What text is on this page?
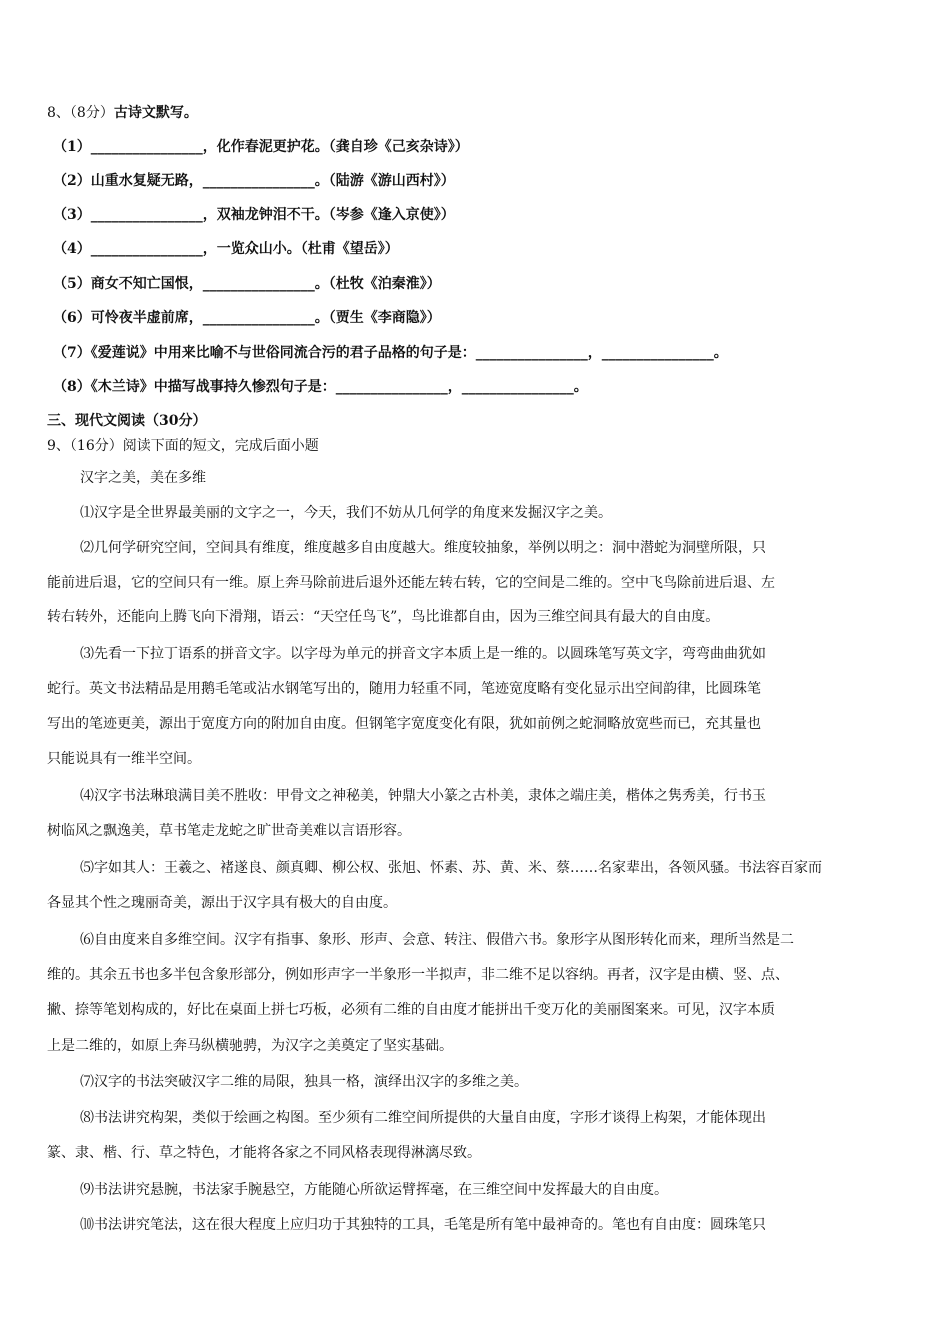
8、（8分）古诗文默写。
（1）________________，化作春泥更护花。（龚自珍《己亥杂诗》）
（2）山重水复疑无路，________________。（陆游《游山西村》）
（3）________________，双袖龙钟泪不干。（岑参《逢入京使》）
（4）________________，一览众山小。（杜甫《望岳》）
（5）商女不知亡国恨，________________。（杜牧《泊秦淮》）
（6）可怜夜半虚前席，________________。（贾生《李商隐》）
（7）《爱莲说》中用来比喻不与世俗同流合污的君子品格的句子是：________________，________________。
（8）《木兰诗》中描写战事持久惨烈句子是：________________，________________。
三、现代文阅读（30分）
9、（16分）阅读下面的短文，完成后面小题
汉字之美，美在多维
⑴汉字是全世界最美丽的文字之一，今天，我们不妨从几何学的角度来发掘汉字之美。
⑵几何学研究空间，空间具有维度，维度越多自由度越大。维度较抽象，举例以明之：洞中潜蛇为洞壁所限，只
能前进后退，它的空间只有一维。原上奔马除前进后退外还能左转右转，它的空间是二维的。空中飞鸟除前进后退、左
转右转外，还能向上腾飞向下滑翔，语云：“天空任鸟飞”，鸟比谁都自由，因为三维空间具有最大的自由度。
⑶先看一下拉丁语系的拼音文字。以字母为单元的拼音文字本质上是一维的。以圆珠笔写英文字，弯弯曲曲犹如
蛇行。英文书法精品是用鹅毛笔或沾水钢笔写出的，随用力轻重不同，笔迹宽度略有变化显示出空间韵律，比圆珠笔
写出的笔迹更美，源出于宽度方向的附加自由度。但钢笔字宽度变化有限，犹如前例之蛇洞略放宽些而已，充其量也
只能说具有一维半空间。
⑷汉字书法琳琅满目美不胜收：甲骨文之神秘美，钟鼎大小篆之古朴美，隶体之端庄美，楷体之隽秀美，行书玉
树临风之飘逸美，草书笔走龙蛇之旷世奇美难以言语形容。
⑸字如其人：王羲之、褚遂良、颜真卿、柳公权、张旭、怀素、苏、黄、米、蔡……名家辈出，各领风骚。书法容百家而
各显其个性之瑰丽奇美，源出于汉字具有极大的自由度。
⑹自由度来自多维空间。汉字有指事、象形、形声、会意、转注、假借六书。象形字从图形转化而来，理所当然是二
维的。其余五书也多半包含象形部分，例如形声字一半象形一半拟声，非二维不足以容纳。再者，汉字是由横、竖、点、
撇、捺等笔划构成的，好比在桌面上拼七巧板，必须有二维的自由度才能拼出千变万化的美丽图案来。可见，汉字本质
上是二维的，如原上奔马纵横驰骋，为汉字之美奠定了坚实基础。
⑺汉字的书法突破汉字二维的局限，独具一格，演绎出汉字的多维之美。
⑻书法讲究构架，类似于绘画之构图。至少须有二维空间所提供的大量自由度，字形才谈得上构架，才能体现出
篆、隶、楷、行、草之特色，才能将各家之不同风格表现得淋漓尽致。
⑼书法讲究悬腕，书法家手腕悬空，方能随心所欲运臂挥毫，在三维空间中发挥最大的自由度。
⑽书法讲究笔法，这在很大程度上应归功于其独特的工具，毛笔是所有笔中最神奇的。笔也有自由度：圆珠笔只
